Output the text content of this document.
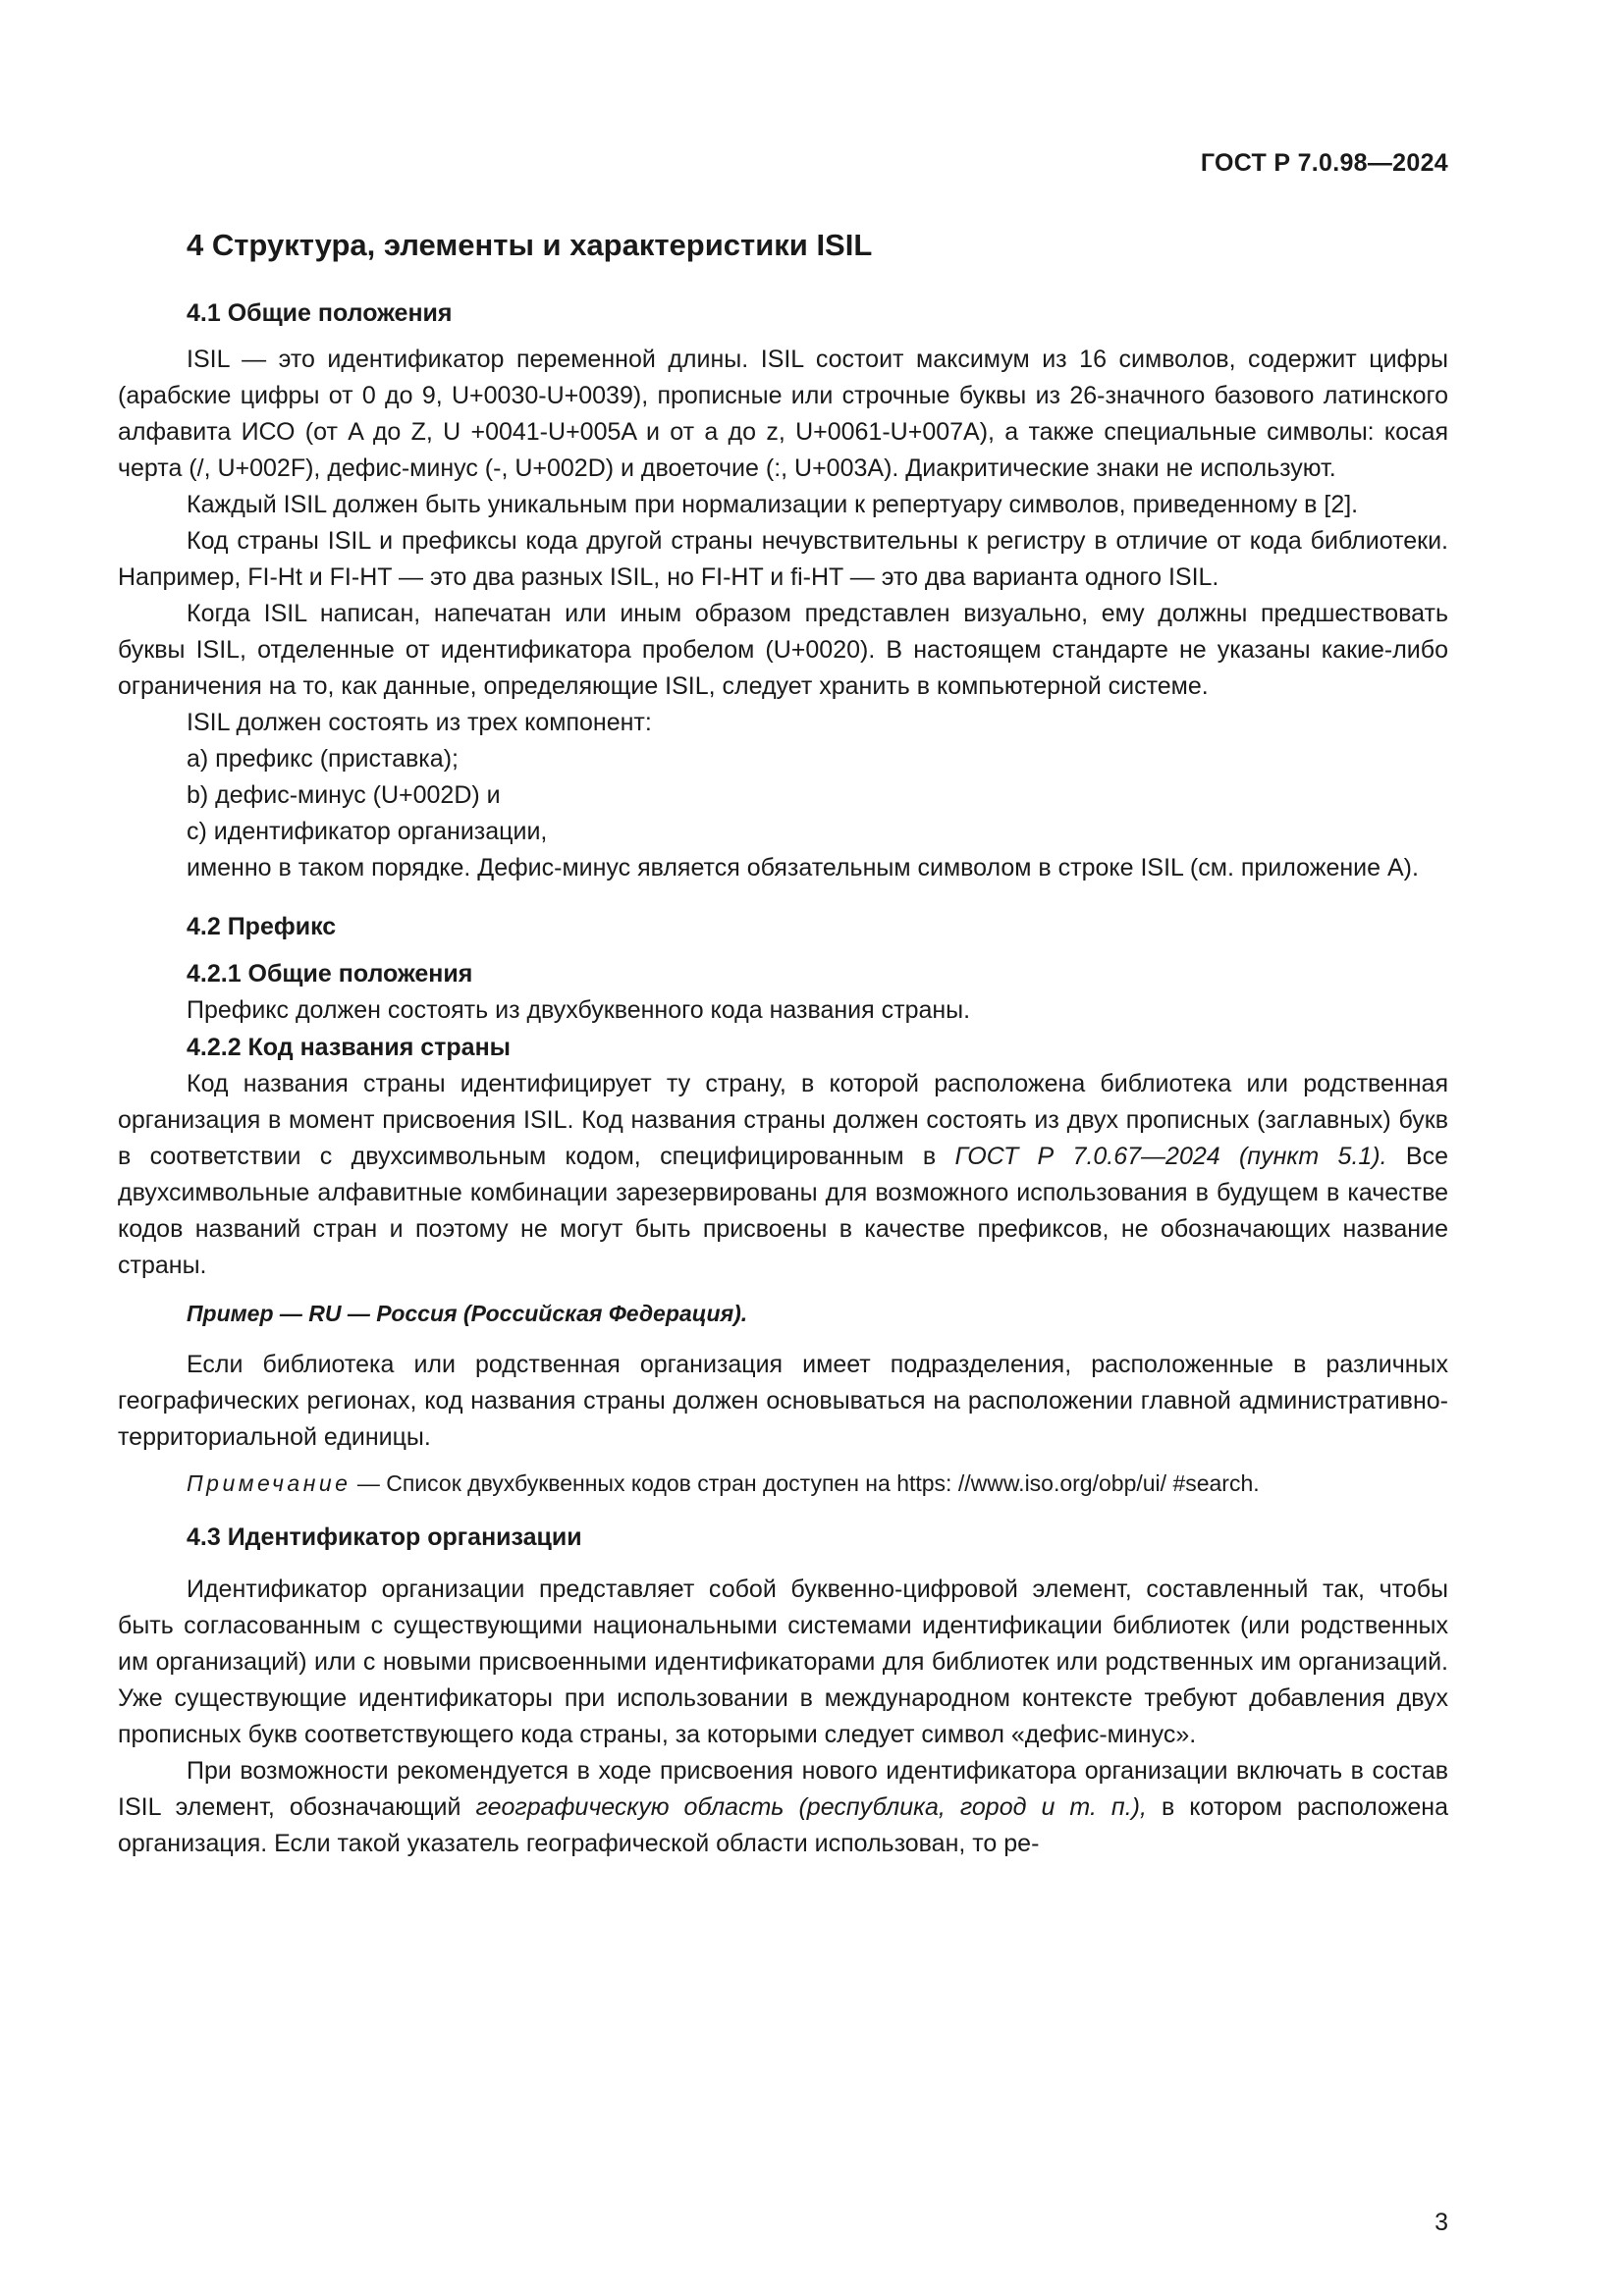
ГОСТ Р 7.0.98—2024
4 Структура, элементы и характеристики ISIL
4.1 Общие положения

ISIL — это идентификатор переменной длины. ISIL состоит максимум из 16 символов, содержит цифры (арабские цифры от 0 до 9, U+0030-U+0039), прописные или строчные буквы из 26-значного базового латинского алфавита ИСО (от A до Z, U +0041-U+005A и от a до z, U+0061-U+007A), а также специальные символы: косая черта (/, U+002F), дефис-минус (-, U+002D) и двоеточие (:, U+003A). Диакритические знаки не используют.

Каждый ISIL должен быть уникальным при нормализации к репертуару символов, приведенному в [2].

Код страны ISIL и префиксы кода другой страны нечувствительны к регистру в отличие от кода библиотеки. Например, FI-Ht и FI-HT — это два разных ISIL, но FI-HT и fi-HT — это два варианта одного ISIL.

Когда ISIL написан, напечатан или иным образом представлен визуально, ему должны предшествовать буквы ISIL, отделенные от идентификатора пробелом (U+0020). В настоящем стандарте не указаны какие-либо ограничения на то, как данные, определяющие ISIL, следует хранить в компьютерной системе.

ISIL должен состоять из трех компонент:

a) префикс (приставка);
b) дефис-минус (U+002D) и
c) идентификатор организации,

именно в таком порядке. Дефис-минус является обязательным символом в строке ISIL (см. приложение А).

4.2 Префикс
4.2.1 Общие положения

Префикс должен состоять из двухбуквенного кода названия страны.

4.2.2 Код названия страны

Код названия страны идентифицирует ту страну, в которой расположена библиотека или родственная организация в момент присвоения ISIL. Код названия страны должен состоять из двух прописных (заглавных) букв в соответствии с двухсимвольным кодом, специфицированным в ГОСТ Р 7.0.67—2024 (пункт 5.1). Все двухсимвольные алфавитные комбинации зарезервированы для возможного использования в будущем в качестве кодов названий стран и поэтому не могут быть присвоены в качестве префиксов, не обозначающих название страны.

Пример — RU — Россия (Российская Федерация).

Если библиотека или родственная организация имеет подразделения, расположенные в различных географических регионах, код названия страны должен основываться на расположении главной административно-территориальной единицы.

Примечание — Список двухбуквенных кодов стран доступен на https: //www.iso.org/obp/ui/ #search.
4.3 Идентификатор организации

Идентификатор организации представляет собой буквенно-цифровой элемент, составленный так, чтобы быть согласованным с существующими национальными системами идентификации библиотек (или родственных им организаций) или с новыми присвоенными идентификаторами для библиотек или родственных им организаций. Уже существующие идентификаторы при использовании в международном контексте требуют добавления двух прописных букв соответствующего кода страны, за которыми следует символ «дефис-минус».

При возможности рекомендуется в ходе присвоения нового идентификатора организации включать в состав ISIL элемент, обозначающий географическую область (республика, город и т. п.), в котором расположена организация. Если такой указатель географической области использован, то ре-

3
